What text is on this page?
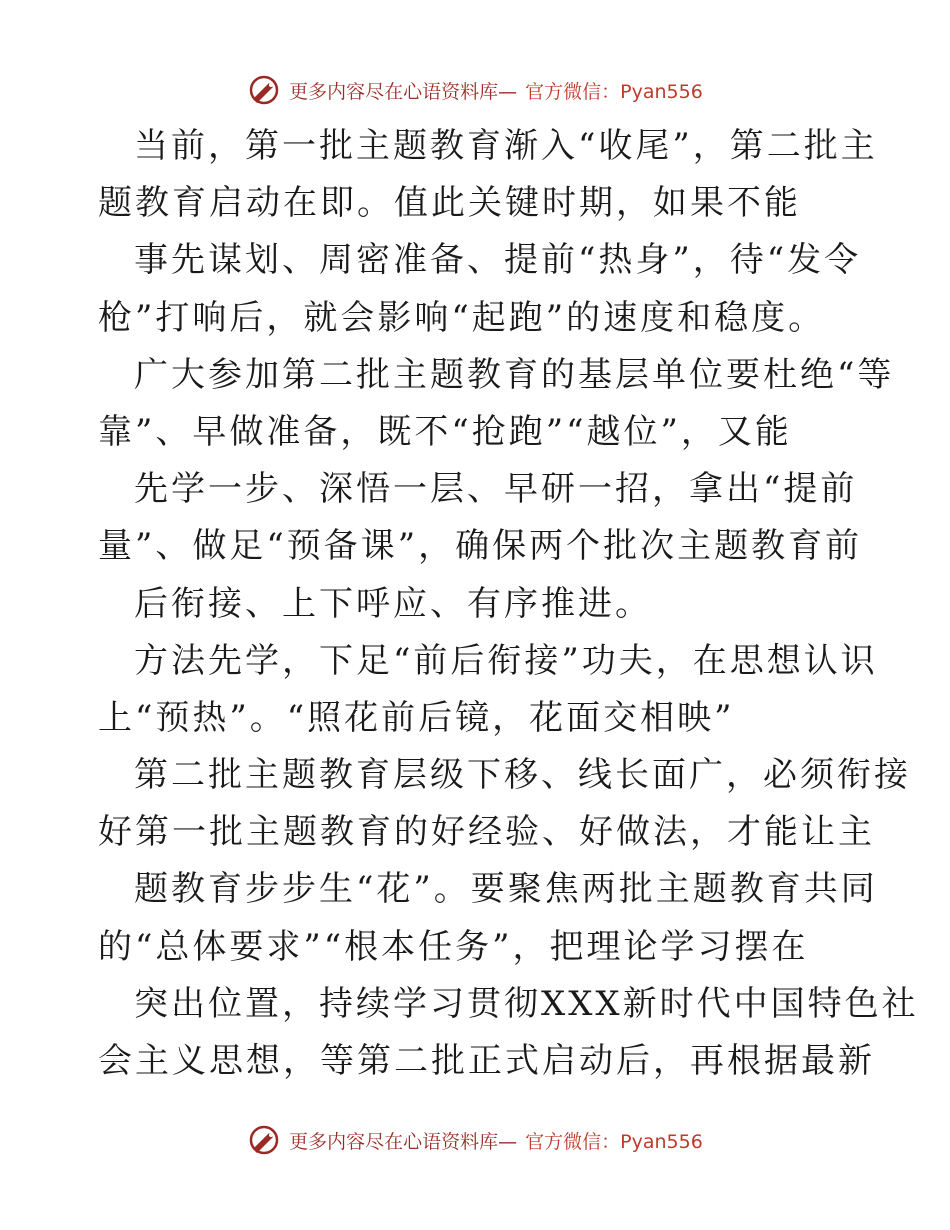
更多内容尽在心语资料库— 官方微信：Pyan556
当前，第一批主题教育渐入“收尾”，第二批主
题教育启动在即。值此关键时期，如果不能
事先谋划、周密准备、提前“热身”，待“发令
枪”打响后，就会影响“起跑”的速度和稳度。
广大参加第二批主题教育的基层单位要杜绝“等
靠”、早做准备，既不“抢跑”“越位”，又能
先学一步、深悟一层、早研一招，拿出“提前
量”、做足“预备课”，确保两个批次主题教育前
后衔接、上下呼应、有序推进。
方法先学，下足“前后衔接”功夫，在思想认识
上“预热”。“照花前后镜，花面交相映”
第二批主题教育层级下移、线长面广，必须衔接
好第一批主题教育的好经验、好做法，才能让主
题教育步步生“花”。要聚焦两批主题教育共同
的“总体要求”“根本任务”，把理论学习摆在
突出位置，持续学习贯彻XXX新时代中国特色社
会主义思想，等第二批正式启动后，再根据最新
更多内容尽在心语资料库— 官方微信：Pyan556
